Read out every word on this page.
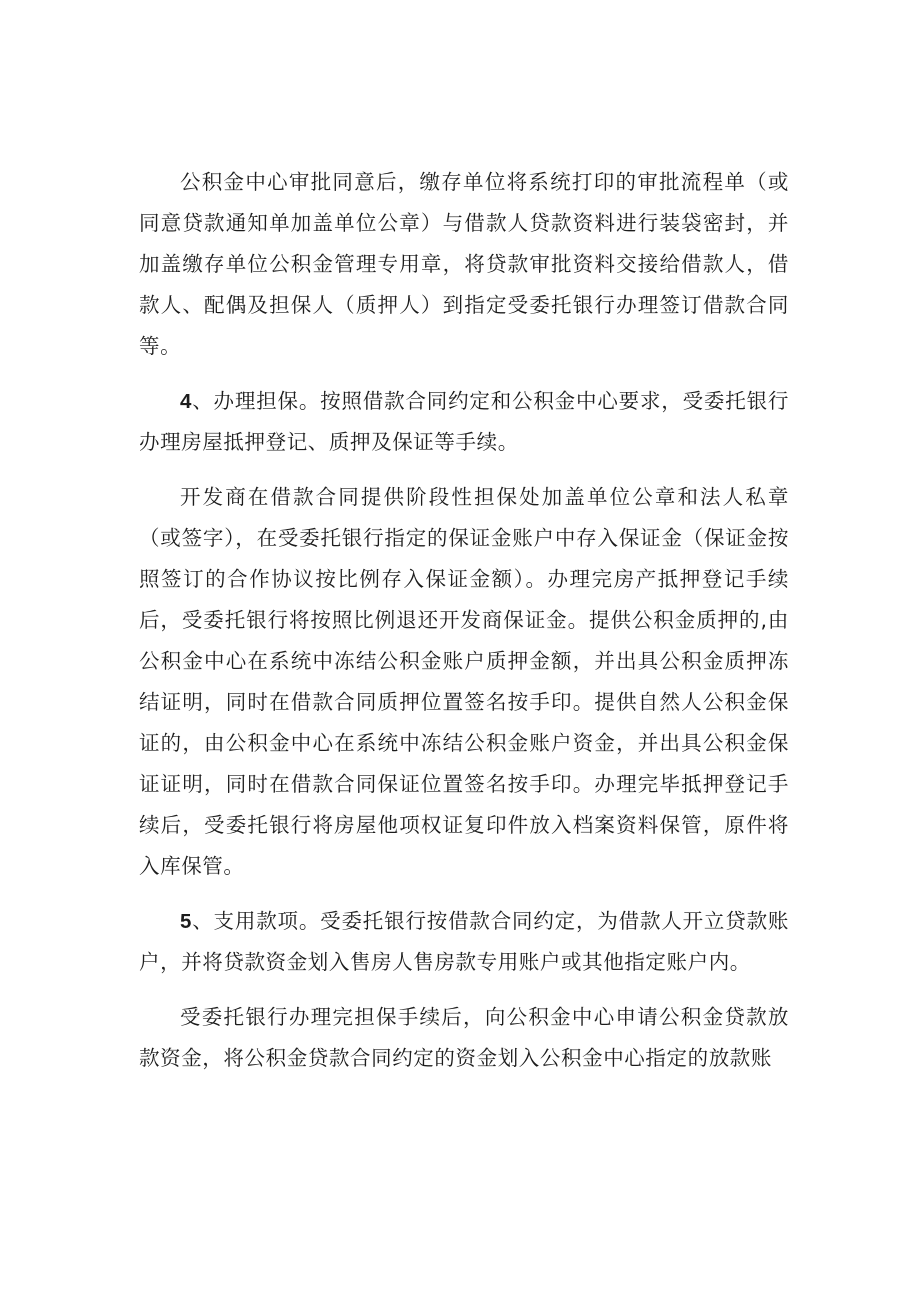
公积金中心审批同意后，缴存单位将系统打印的审批流程单（或同意贷款通知单加盖单位公章）与借款人贷款资料进行装袋密封，并加盖缴存单位公积金管理专用章，将贷款审批资料交接给借款人，借款人、配偶及担保人（质押人）到指定受委托银行办理签订借款合同等。

4、办理担保。按照借款合同约定和公积金中心要求，受委托银行办理房屋抵押登记、质押及保证等手续。

开发商在借款合同提供阶段性担保处加盖单位公章和法人私章（或签字），在受委托银行指定的保证金账户中存入保证金（保证金按照签订的合作协议按比例存入保证金额）。办理完房产抵押登记手续后，受委托银行将按照比例退还开发商保证金。提供公积金质押的,由公积金中心在系统中冻结公积金账户质押金额，并出具公积金质押冻结证明，同时在借款合同质押位置签名按手印。提供自然人公积金保证的，由公积金中心在系统中冻结公积金账户资金，并出具公积金保证证明，同时在借款合同保证位置签名按手印。办理完毕抵押登记手续后，受委托银行将房屋他项权证复印件放入档案资料保管，原件将入库保管。

5、支用款项。受委托银行按借款合同约定，为借款人开立贷款账户，并将贷款资金划入售房人售房款专用账户或其他指定账户内。

受委托银行办理完担保手续后，向公积金中心申请公积金贷款放款资金，将公积金贷款合同约定的资金划入公积金中心指定的放款账
